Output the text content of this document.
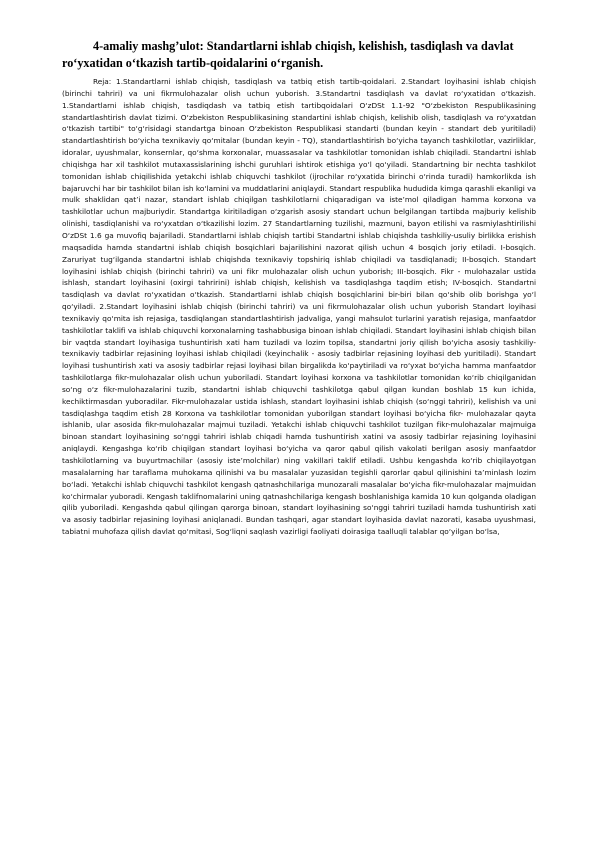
4-amaliy mashg’ulot: Standartlarni ishlab chiqish, kelishish, tasdiqlash va davlat ro‘yxatidan o‘tkazish tartib-qoidalarini o‘rganish.

Reja: 1.Standartlarni ishlab chiqish, tasdiqlash va tatbiq etish tartib-qoidalari. 2.Standart loyihasini ishlab chiqish (birinchi tahriri) va uni fikrmulohazalar olish uchun yuborish. 3.Standartni tasdiqlash va davlat ro‘yxatidan o‘tkazish. 1.Standartlarni ishlab chiqish, tasdiqdash va tatbiq etish tartibqoidalari O‘zDSt 1.1-92 "O‘zbekiston Respublikasining standartlashtirish davlat tizimi. O‘zbekiston Respublikasining standartini ishlab chiqish, kelishib olish, tasdiqlash va ro‘yxatdan o‘tkazish tartibi" to‘g‘risidagi standartga binoan O‘zbekiston Respublikasi standarti (bundan keyin - standart deb yuritiladi) standartlashtirish bo‘yicha texnikaviy qo‘mitalar (bundan keyin - TQ), standartlashtirish bo‘yicha tayanch tashkilotlar, vazirliklar, idoralar, uyushmalar, konsernlar, qo‘shma korxonalar, muassasalar va tashkilotlar tomonidan ishlab chiqiladi. Standartni ishlab chiqishga har xil tashkilot mutaxassislarining ishchi guruhlari ishtirok etishiga yo‘l qo‘yiladi. Standartning bir nechta tashkilot tomonidan ishlab chiqilishida yetakchi ishlab chiquvchi tashkilot (ijrochilar ro‘yxatida birinchi o‘rinda turadi) hamkorlikda ish bajaruvchi har bir tashkilot bilan ish ko‘lamini va muddatlarini aniqlaydi. Standart respublika hududida kimga qarashli ekanligi va mulk shaklidan qat’i nazar, standart ishlab chiqilgan tashkilotlarni chiqaradigan va iste’mol qiladigan hamma korxona va tashkilotlar uchun majburiydir. Standartga kiritiladigan o‘zgarish asosiy standart uchun belgilangan tartibda majburiy kelishib olinishi, tasdiqlanishi va ro‘yxatdan o‘tkazilishi lozim. 27 Standartlarning tuzilishi, mazmuni, bayon etilishi va rasmiylashtirilishi O‘zDSt 1.6 ga muvofiq bajariladi. Standartlarni ishlab chiqish tartibi Standartni ishlab chiqishda tashkiliy-usuliy birlikka erishish maqsadida hamda standartni ishlab chiqish bosqichlari bajarilishini nazorat qilish uchun 4 bosqich joriy etiladi. I-bosqich. Zaruriyat tug‘ilganda standartni ishlab chiqishda texnikaviy topshiriq ishlab chiqiladi va tasdiqlanadi; II-bosqich. Standart loyihasini ishlab chiqish (birinchi tahriri) va uni fikr mulohazalar olish uchun yuborish; III-bosqich. Fikr - mulohazalar ustida ishlash, standart loyihasini (oxirgi tahririni) ishlab chiqish, kelishish va tasdiqlashga taqdim etish; IV-bosqich. Standartni tasdiqlash va davlat ro‘yxatidan o‘tkazish. Standartlarni ishlab chiqish bosqichlarini bir-biri bilan qo‘shib olib borishga yo‘l qo‘yiladi. 2.Standart loyihasini ishlab chiqish (birinchi tahriri) va uni fikrmulohazalar olish uchun yuborish Standart loyihasi texnikaviy qo‘mita ish rejasiga, tasdiqlangan standartlashtirish jadvaliga, yangi mahsulot turlarini yaratish rejasiga, manfaatdor tashkilotlar taklifi va ishlab chiquvchi korxonalarning tashabbusiga binoan ishlab chiqiladi. Standart loyihasini ishlab chiqish bilan bir vaqtda standart loyihasiga tushuntirish xati ham tuziladi va lozim topilsa, standartni joriy qilish bo‘yicha asosiy tashkiliy-texnikaviy tadbirlar rejasining loyihasi ishlab chiqiladi (keyinchalik - asosiy tadbirlar rejasining loyihasi deb yuritiladi). Standart loyihasi tushuntirish xati va asosiy tadbirlar rejasi loyihasi bilan birgalikda ko‘paytiriladi va ro‘yxat bo‘yicha hamma manfaatdor tashkilotlarga fikr-mulohazalar olish uchun yuboriladi. Standart loyihasi korxona va tashkilotlar tomonidan ko‘rib chiqilganidan so‘ng o‘z fikr-mulohazalarini tuzib, standartni ishlab chiquvchi tashkilotga qabul qilgan kundan boshlab 15 kun ichida, kechiktirmasdan yuboradilar. Fikr-mulohazalar ustida ishlash, standart loyihasini ishlab chiqish (so‘nggi tahriri), kelishish va uni tasdiqlashga taqdim etish 28 Korxona va tashkilotlar tomonidan yuborilgan standart loyihasi bo‘yicha fikr- mulohazalar qayta ishlanib, ular asosida fikr-mulohazalar majmui tuziladi. Yetakchi ishlab chiquvchi tashkilot tuzilgan fikr-mulohazalar majmuiga binoan standart loyihasining so‘nggi tahriri ishlab chiqadi hamda tushuntirish xatini va asosiy tadbirlar rejasining loyihasini aniqlaydi. Kengashga ko‘rib chiqilgan standart loyihasi bo‘yicha va qaror qabul qilish vakolati berilgan asosiy manfaatdor tashkilotlarning va buyurtmachilar (asosiy iste’molchilar) ning vakillari taklif etiladi. Ushbu kengashda ko‘rib chiqilayotgan masalalarning har taraflama muhokama qilinishi va bu masalalar yuzasidan tegishli qarorlar qabul qilinishini ta’minlash lozim bo‘ladi. Yetakchi ishlab chiquvchi tashkilot kengash qatnashchilariga munozarali masalalar bo‘yicha fikr-mulohazalar majmuidan ko‘chirmalar yuboradi. Kengash taklifnomalarini uning qatnashchilariga kengash boshlanishiga kamida 10 kun qolganda oladigan qilib yuboriladi. Kengashda qabul qilingan qarorga binoan, standart loyihasining so‘nggi tahriri tuziladi hamda tushuntirish xati va asosiy tadbirlar rejasining loyihasi aniqlanadi. Bundan tashqari, agar standart loyihasida davlat nazorati, kasaba uyushmasi, tabiatni muhofaza qilish davlat qo‘mitasi, Sog‘liqni saqlash vazirligi faoliyati doirasiga taalluqli talablar qo‘yilgan bo‘lsa,
